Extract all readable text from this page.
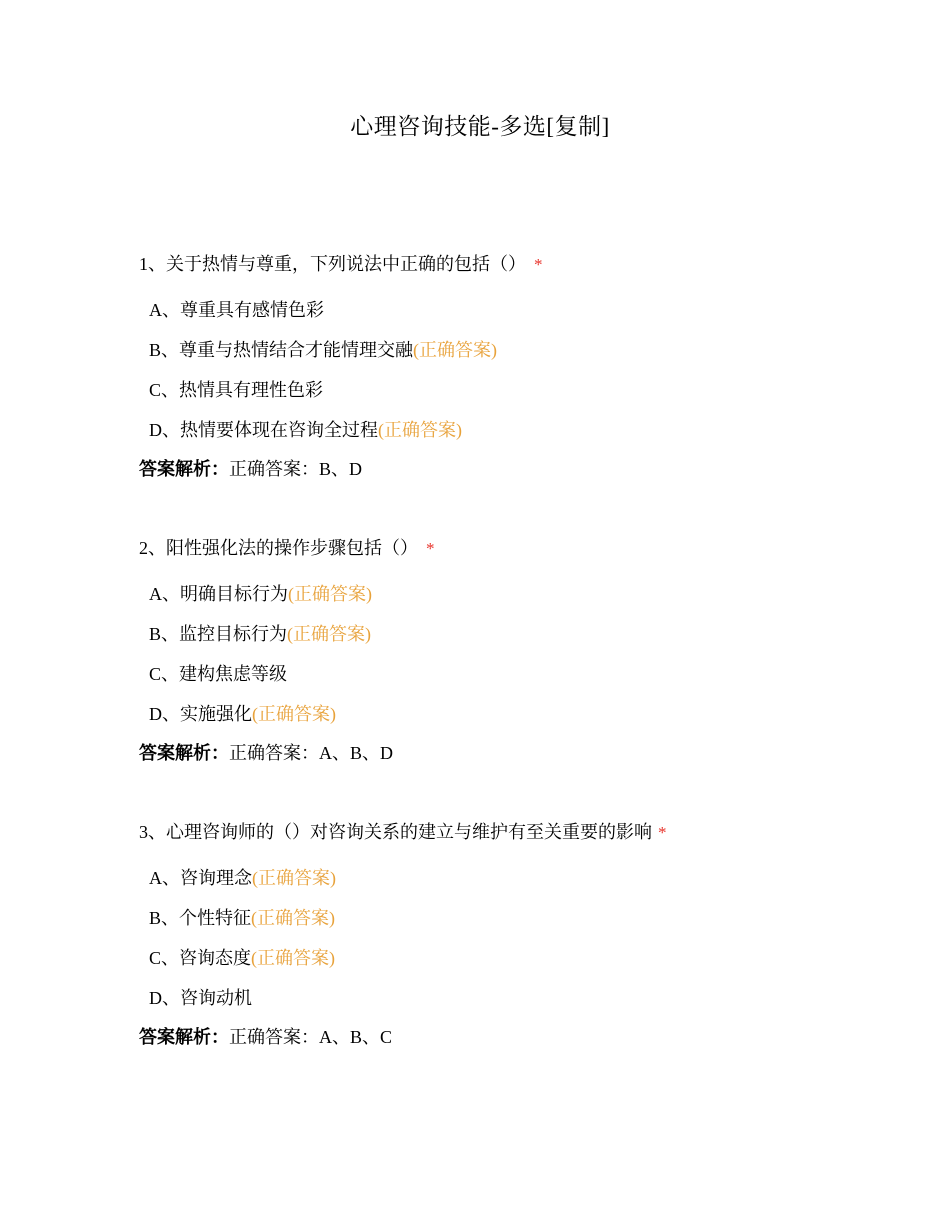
心理咨询技能-多选[复制]
1、关于热情与尊重，下列说法中正确的包括（） *
A、尊重具有感情色彩
B、尊重与热情结合才能情理交融(正确答案)
C、热情具有理性色彩
D、热情要体现在咨询全过程(正确答案)
答案解析：正确答案：B、D
2、阳性强化法的操作步骤包括（） *
A、明确目标行为(正确答案)
B、监控目标行为(正确答案)
C、建构焦虑等级
D、实施强化(正确答案)
答案解析：正确答案：A、B、D
3、心理咨询师的（）对咨询关系的建立与维护有至关重要的影响 *
A、咨询理念(正确答案)
B、个性特征(正确答案)
C、咨询态度(正确答案)
D、咨询动机
答案解析：正确答案：A、B、C
